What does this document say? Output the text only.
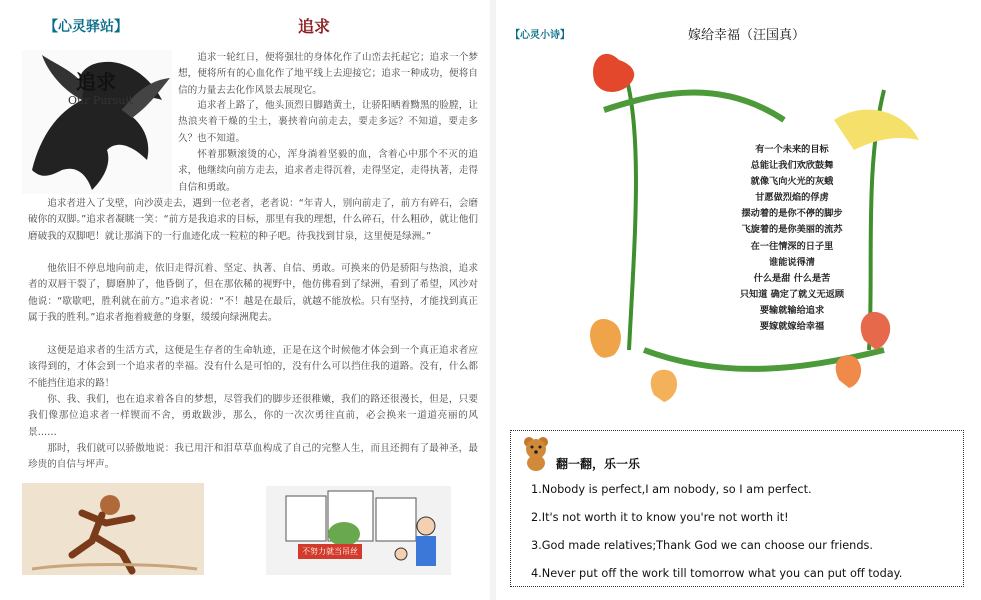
【心灵驿站】	追求
追求
Our Pursuit

追求一轮红日，便将强壮的身体化作了山峦去托起它；追求一个梦想，便将所有的心血化作了地平线上去迎接它；追求一种成功，便将自信的力量去去化作风景去展现它。

追求者上路了，他头顶烈日脚踏黄土，让骄阳晒着黝黑的脸膛，让热浪夹着干燥的尘土，裹挟着向前走去，要走多远？不知道，要走多久？也不知道。

怀着那颗滚烫的心，浑身淌着坚毅的血，含着心中那个不灭的追求，他继续向前方走去，追求者走得沉着，走得坚定，走得执著，走得自信和勇敢。

追求者进入了戈壁，向沙漠走去，遇到一位老者，老者说：“年青人，别向前走了，前方有碎石，会磨破你的双脚。”追求者凝眺一笑：“前方是我追求的目标，那里有我的理想，什么碎石，什么粗砂，就让他们磨破我的双脚吧！就让那淌下的一行血迹化成一粒粒的种子吧。待我找到甘泉，这里便是绿洲。”

他依旧不停息地向前走，依旧走得沉着、坚定、执著、自信、勇敢。可换来的仍是骄阳与热浪，追求者的双唇干裂了，脚磨肿了，他昏倒了，但在那依稀的视野中，他仿佛看到了绿洲，看到了希望，风沙对他说：“歇歇吧，胜利就在前方。”追求者说：“不！越是在最后，就越不能放松。只有坚持，才能找到真正属于我的胜利。”追求者拖着疲惫的身躯，缓缓向绿洲爬去。

这便是追求者的生活方式，这便是生存者的生命轨迹，正是在这个时候他才体会到一个真正追求者应该得到的，才体会到一个追求者的幸福。没有什么是可怕的，没有什么可以挡住我的道路。没有，什么都不能挡住追求的路！

你、我、我们，也在追求着各自的梦想，尽管我们的脚步还很稚嫩，我们的路还很漫长，但是，只要我们像那位追求者一样锲而不舍，勇敢跋涉，那么，你的一次次勇往直前，必会换来一道道亮丽的风景……

那时，我们就可以骄傲地说：我已用汗和泪草草血构成了自己的完整人生，而且还拥有了最神圣，最珍贵的自信与坪声。

不努力就当吊丝
【心灵小诗】	嫁给幸福（汪国真）
有一个未来的目标
总能让我们欢欣鼓舞
就像飞向火光的灰蛾
甘愿做烈焰的俘虏
摆动着的是你不停的脚步
飞旋着的是你美丽的流苏
在一往情深的日子里
谁能说得清
什么是甜 什么是苦
只知道 确定了就义无返顾
要输就输给追求
要嫁就嫁给幸福
翻一翻，乐一乐
1.Nobody is perfect,I am nobody, so I am perfect.
2.It's not worth it to know you're not worth it!
3.God made relatives;Thank God we can choose our friends.
4.Never put off the work till tomorrow what you can put off today.
